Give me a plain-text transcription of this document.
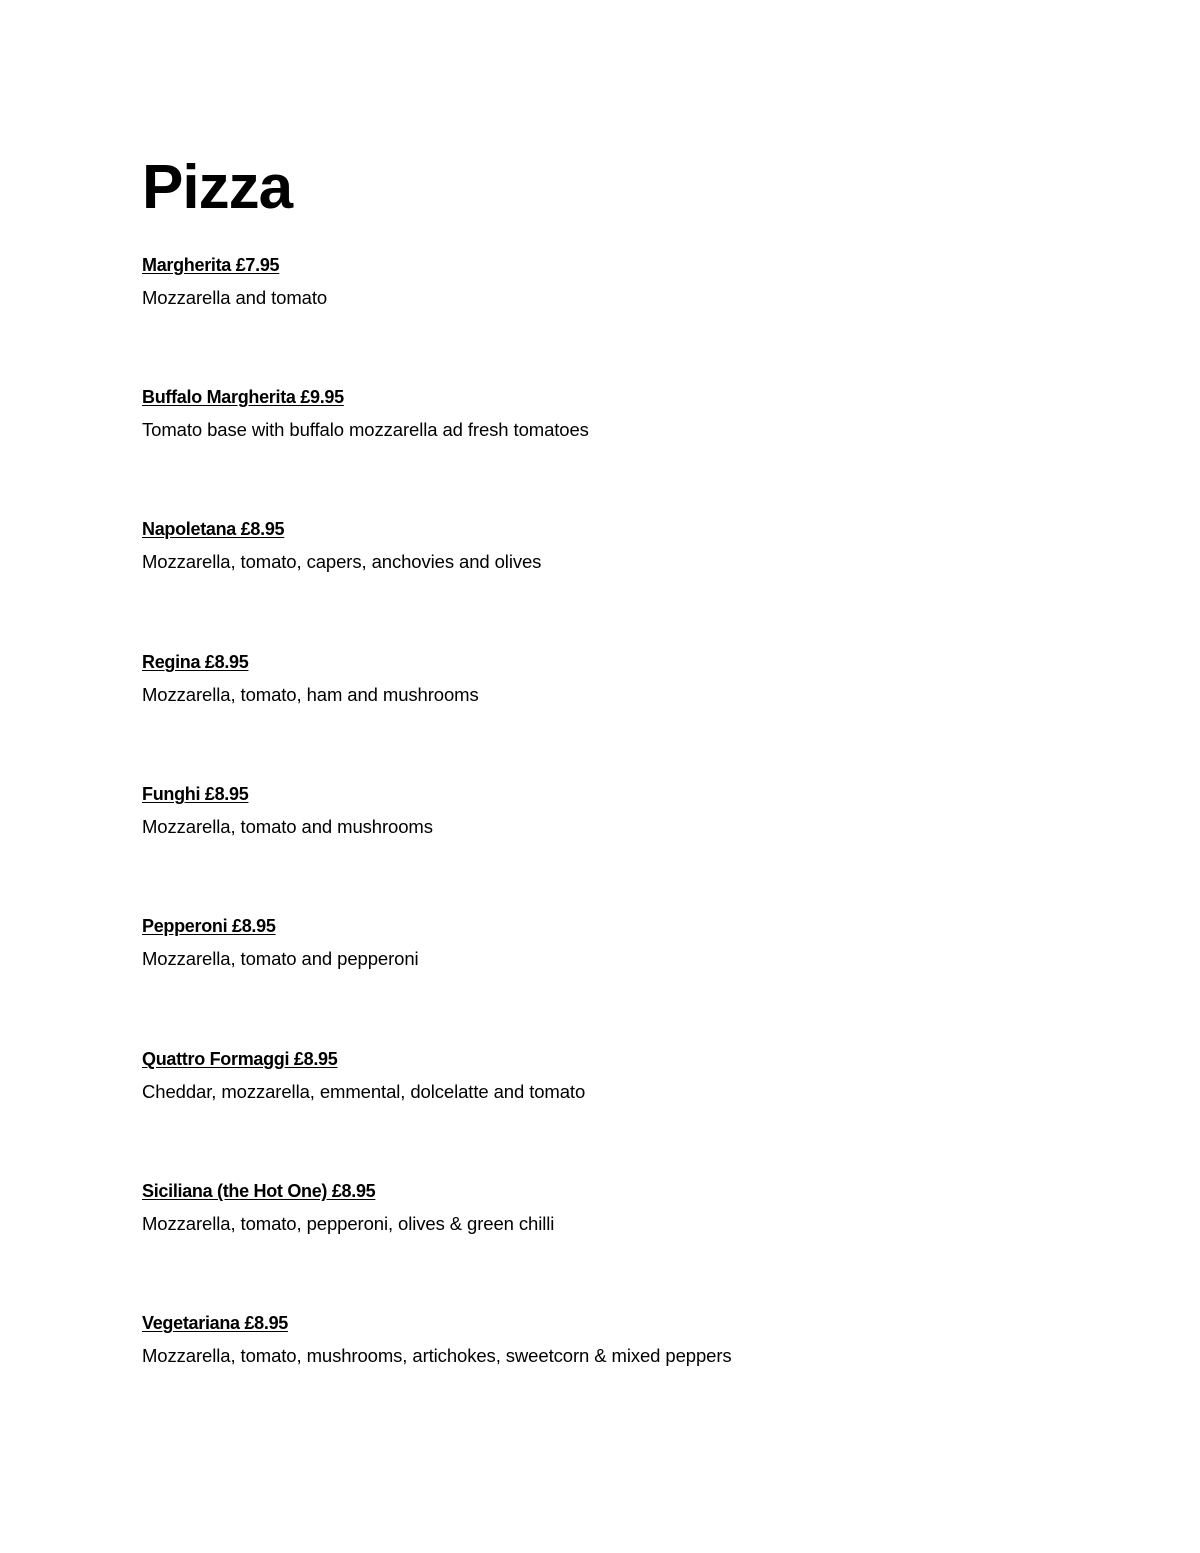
Pizza
Margherita £7.95
Mozzarella and tomato
Buffalo Margherita £9.95
Tomato base with buffalo mozzarella ad fresh tomatoes
Napoletana £8.95
Mozzarella, tomato, capers, anchovies and olives
Regina £8.95
Mozzarella, tomato, ham and mushrooms
Funghi £8.95
Mozzarella, tomato and mushrooms
Pepperoni £8.95
Mozzarella, tomato and pepperoni
Quattro Formaggi £8.95
Cheddar, mozzarella, emmental, dolcelatte and tomato
Siciliana (the Hot One) £8.95
Mozzarella, tomato, pepperoni, olives & green chilli
Vegetariana £8.95
Mozzarella, tomato, mushrooms, artichokes, sweetcorn & mixed peppers
